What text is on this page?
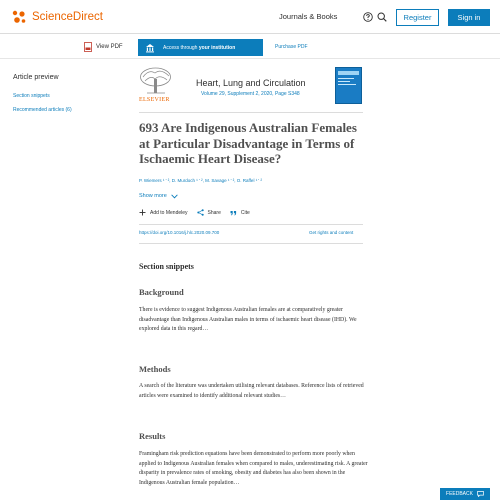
ScienceDirect	Journals & Books	Register	Sign in
View PDF	Access through
your institution	Purchase PDF
Article preview
Section snippets
Recommended articles (6)
ELSEVIER
Heart, Lung and Circulation
Volume 29, Supplement 2, 2020, Page S348
693 Are Indigenous Australian Females at Particular Disadvantage in Terms of Ischaemic Heart Disease?
P. Wiemers ¹ ʹ ², D. Murdoch ¹ ʹ ², M. Savage ¹ ʹ ², O. Raffel ¹ ʹ ²
Show more
Add to Mendeley	Share	Cite
https://doi.org/10.1016/j.hlc.2020.09.700	Get rights and content
Section snippets
Background

There is evidence to suggest Indigenous Australian females are at comparatively greater disadvantage than Indigenous Australian males in terms of ischaemic heart disease (IHD). We explored data in this regard…

Methods

A search of the literature was undertaken utilising relevant databases. Reference lists of retrieved articles were examined to identify additional relevant studies…

Results

Framingham risk prediction equations have been demonstrated to perform more poorly when applied to Indigenous Australian females when compared to males, underestimating risk. A greater disparity in prevalence rates of smoking, obesity and diabetes has also been shown in the Indigenous Australian female population…

FEEDBACK
